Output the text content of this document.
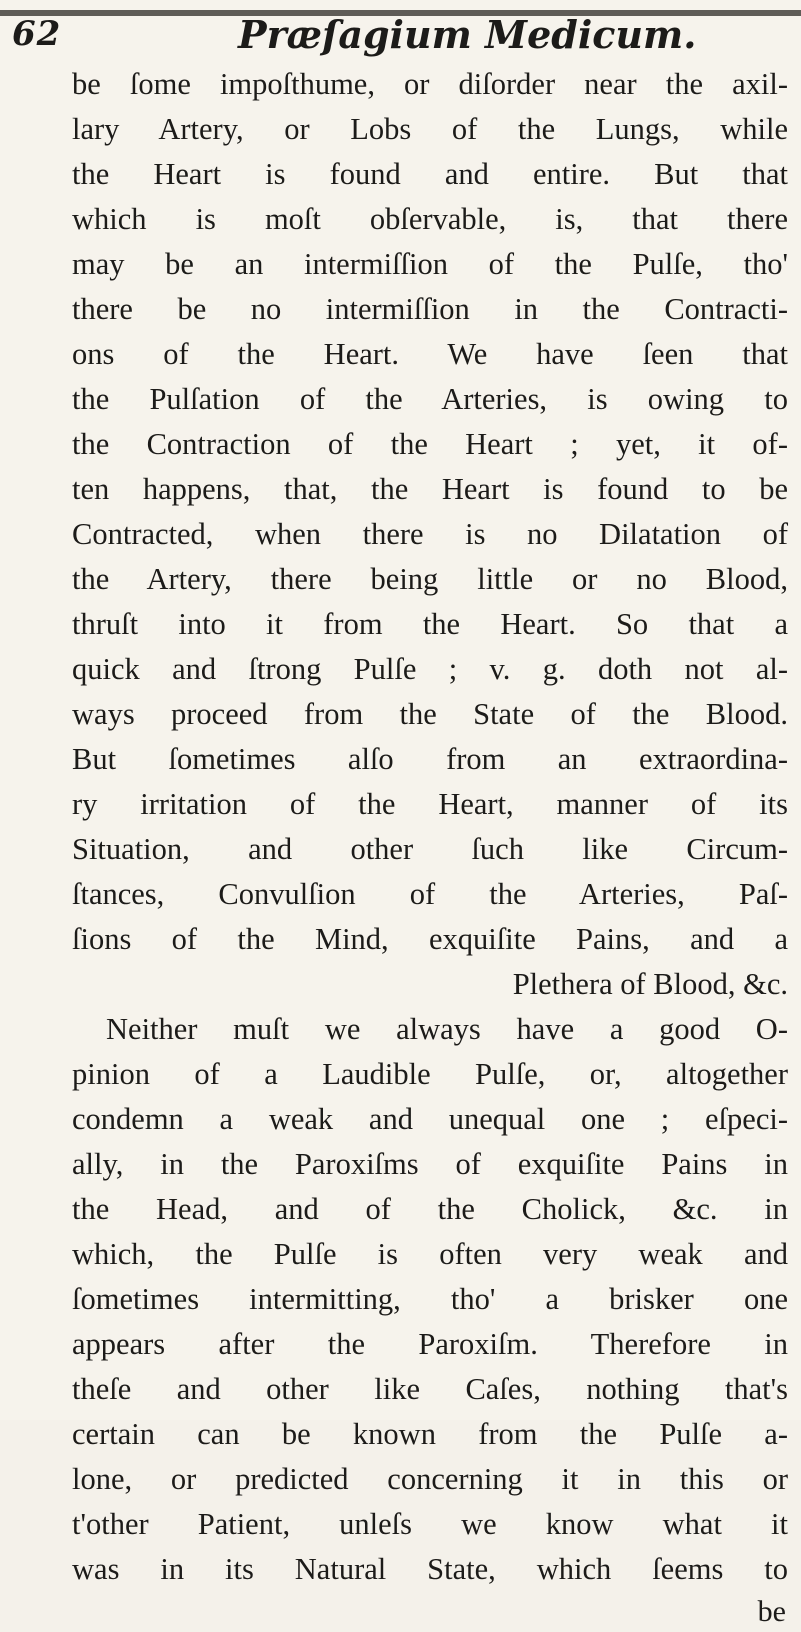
62	Præſagium Medicum.
be ſome impoſthume, or diſorder near the axil-
lary Artery, or Lobs of the Lungs, while
the Heart is found and entire. But that
which is moſt obſervable, is, that there
may be an intermiſſion of the Pulſe, tho'
there be no intermiſſion in the Contracti-
ons of the Heart. We have ſeen that
the Pulſation of the Arteries, is owing to
the Contraction of the Heart ; yet, it of-
ten happens, that, the Heart is found to be
Contracted, when there is no Dilatation of
the Artery, there being little or no Blood,
thruſt into it from the Heart. So that a
quick and ſtrong Pulſe ; v. g. doth not al-
ways proceed from the State of the Blood.
But ſometimes alſo from an extraordina-
ry irritation of the Heart, manner of its
Situation, and other ſuch like Circum-
ſtances, Convulſion of the Arteries, Paſ-
ſions of the Mind, exquiſite Pains, and a
Plethera of Blood, &c.
Neither muſt we always have a good O-
pinion of a Laudible Pulſe, or, altogether
condemn a weak and unequal one ; eſpeci-
ally, in the Paroxiſms of exquiſite Pains in
the Head, and of the Cholick, &c. in
which, the Pulſe is often very weak and
ſometimes intermitting, tho' a brisker one
appears after the Paroxiſm. Therefore in
theſe and other like Caſes, nothing that's
certain can be known from the Pulſe a-
lone, or predicted concerning it in this or
t'other Patient, unleſs we know what it
was in its Natural State, which ſeems to
be
